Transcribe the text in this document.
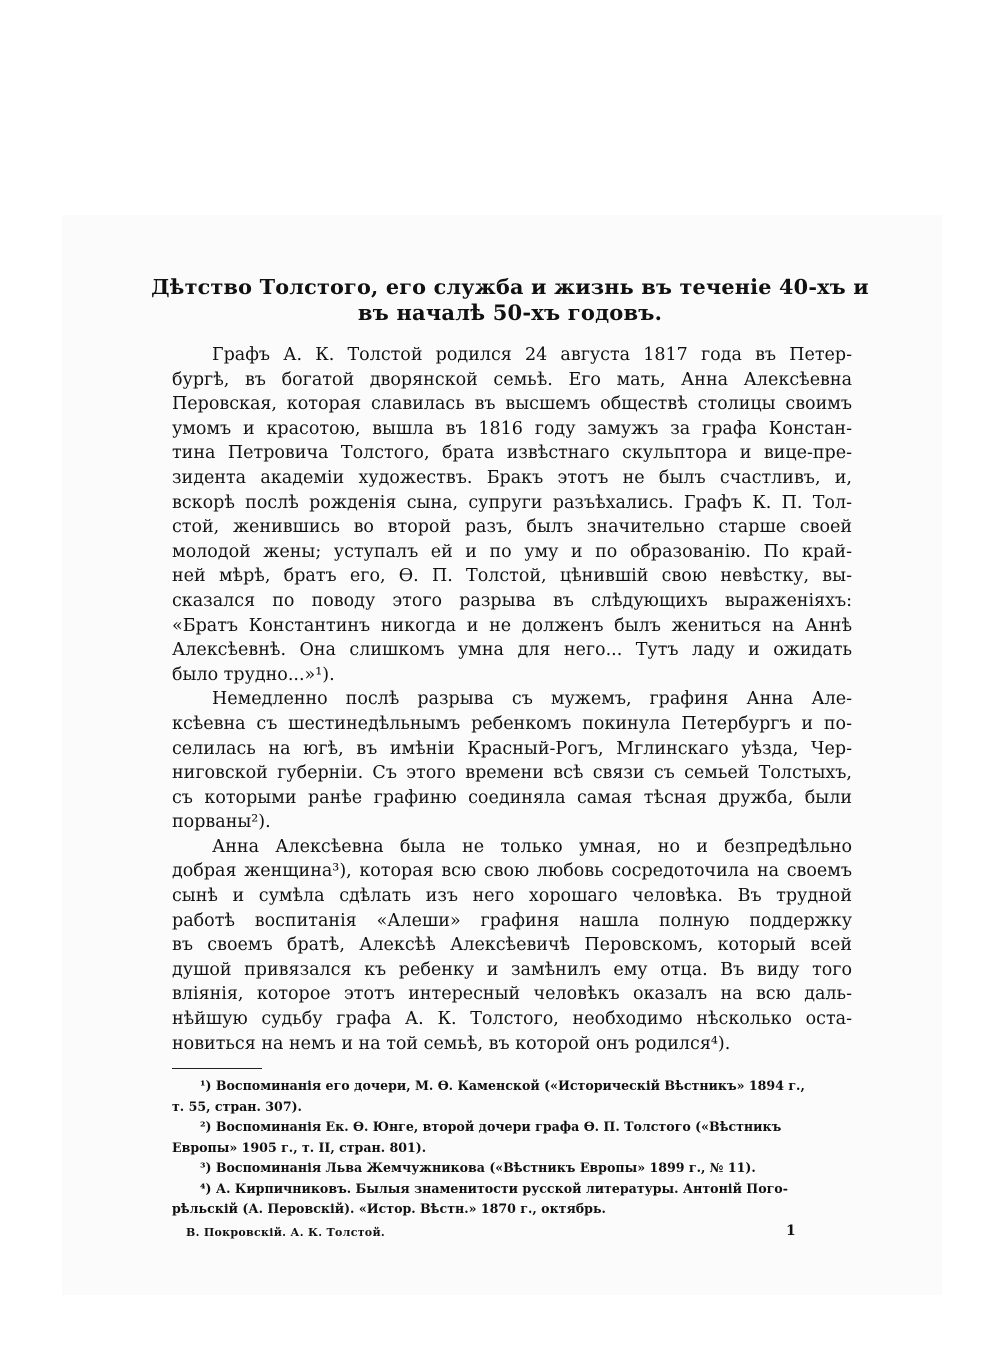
Дѣтство Толстого, его служба и жизнь въ теченіе 40-хъ и
въ началѣ 50-хъ годовъ.
Графъ А. К. Толстой родился 24 августа 1817 года въ Петер-
бургѣ, въ богатой дворянской семьѣ. Его мать, Анна Алексѣевна
Перовская, которая славилась въ высшемъ обществѣ столицы своимъ
умомъ и красотою, вышла въ 1816 году замужъ за графа Констан-
тина Петровича Толстого, брата извѣстнаго скульптора и вице-пре-
зидента академіи художествъ. Бракъ этотъ не былъ счастливъ, и,
вскорѣ послѣ рожденія сына, супруги разъѣхались. Графъ К. П. Тол-
стой, женившись во второй разъ, былъ значительно старше своей
молодой жены; уступалъ ей и по уму и по образованію. По край-
ней мѣрѣ, братъ его, Ѳ. П. Толстой, цѣнившій свою невѣстку, вы-
сказался по поводу этого разрыва въ слѣдующихъ выраженіяхъ:
«Братъ Константинъ никогда и не долженъ былъ жениться на Аннѣ
Алексѣевнѣ. Она слишкомъ умна для него... Тутъ ладу и ожидать
было трудно...»¹).
Немедленно послѣ разрыва съ мужемъ, графиня Анна Але-
ксѣевна съ шестинедѣльнымъ ребенкомъ покинула Петербургъ и по-
селилась на югѣ, въ имѣніи Красный-Рогъ, Мглинскаго уѣзда, Чер-
ниговской губерніи. Съ этого времени всѣ связи съ семьей Толстыхъ,
съ которыми ранѣе графиню соединяла самая тѣсная дружба, были
порваны²).
Анна Алексѣевна была не только умная, но и безпредѣльно
добрая женщина³), которая всю свою любовь сосредоточила на своемъ
сынѣ и сумѣла сдѣлать изъ него хорошаго человѣка. Въ трудной
работѣ воспитанія «Алеши» графиня нашла полную поддержку
въ своемъ братѣ, Алексѣѣ Алексѣевичѣ Перовскомъ, который всей
душой привязался къ ребенку и замѣнилъ ему отца. Въ виду того
вліянія, которое этотъ интересный человѣкъ оказалъ на всю даль-
нѣйшую судьбу графа А. К. Толстого, необходимо нѣсколько оста-
новиться на немъ и на той семьѣ, въ которой онъ родился⁴).
¹) Воспоминанія его дочери, М. Ѳ. Каменской («Историческій Вѣстникъ» 1894 г.,
т. 55, стран. 307).
²) Воспоминанія Ек. Ѳ. Юнге, второй дочери графа Ѳ. П. Толстого («Вѣстникъ
Европы» 1905 г., т. II, стран. 801).
³) Воспоминанія Льва Жемчужникова («Вѣстникъ Европы» 1899 г., № 11).
⁴) А. Кирпичниковъ. Былыя знаменитости русской литературы. Антоній Пого-
рѣльскій (А. Перовскій). «Истор. Вѣстн.» 1870 г., октябрь.
В. Покровскій. А. К. Толстой.	1
